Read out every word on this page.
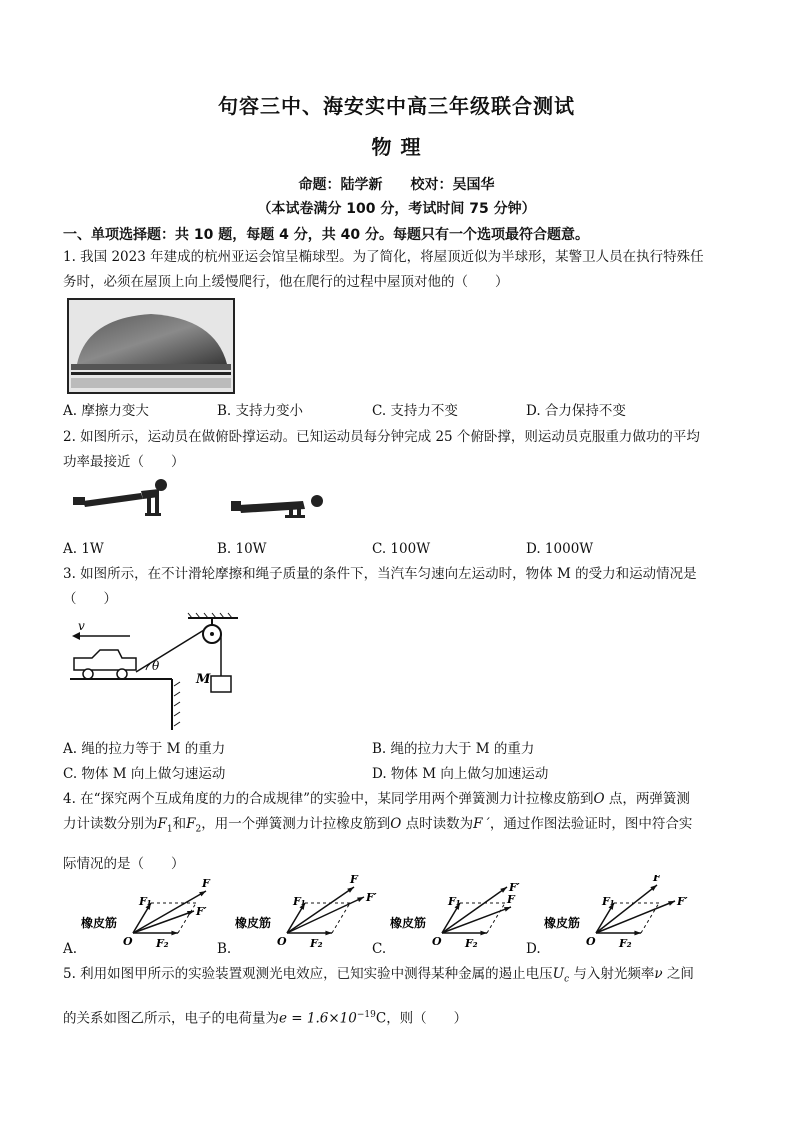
句容三中、海安实中高三年级联合测试
物 理
命题：陆学新　　校对：吴国华
（本试卷满分 100 分，考试时间 75 分钟）
一、单项选择题：共 10 题，每题 4 分，共 40 分。每题只有一个选项最符合题意。
1. 我国 2023 年建成的杭州亚运会馆呈椭球型。为了简化，将屋顶近似为半球形，某警卫人员在执行特殊任
务时，必须在屋顶上向上缓慢爬行，他在爬行的过程中屋顶对他的（　　）
A. 摩擦力变大	B. 支持力变小	C. 支持力不变	D. 合力保持不变
2. 如图所示，运动员在做俯卧撑运动。已知运动员每分钟完成 25 个俯卧撑，则运动员克服重力做功的平均
功率最接近（　　）
A. 1W	B. 10W	C. 100W	D. 1000W
3. 如图所示，在不计滑轮摩擦和绳子质量的条件下，当汽车匀速向左运动时，物体 M 的受力和运动情况是
（　　）
M
v
θ
A. 绳的拉力等于 M 的重力	B. 绳的拉力大于 M 的重力
C. 物体 M 向上做匀速运动	D. 物体 M 向上做匀加速运动
4. 在“探究两个互成角度的力的合成规律”的实验中，某同学用两个弹簧测力计拉橡皮筋到O 点，两弹簧测
力计读数分别为$F_1$和$F_2$，用一个弹簧测力计拉橡皮筋到O 点时读数为F ′，通过作图法验证时，图中符合实
际情况的是（　　）
橡皮筋
O
F₁
F₂
F
F′
橡皮筋
O
F₁
F₂
F
F′
橡皮筋
O
F₁
F₂
F
F′
橡皮筋
O
F₁
F₂
F
F′
A.	B.	C.	D.
5. 利用如图甲所示的实验装置观测光电效应，已知实验中测得某种金属的遏止电压$U_c$ 与入射光频率ν 之间
的关系如图乙所示，电子的电荷量为$e = 1.6\times 10^{-19}C$，则（　　）
